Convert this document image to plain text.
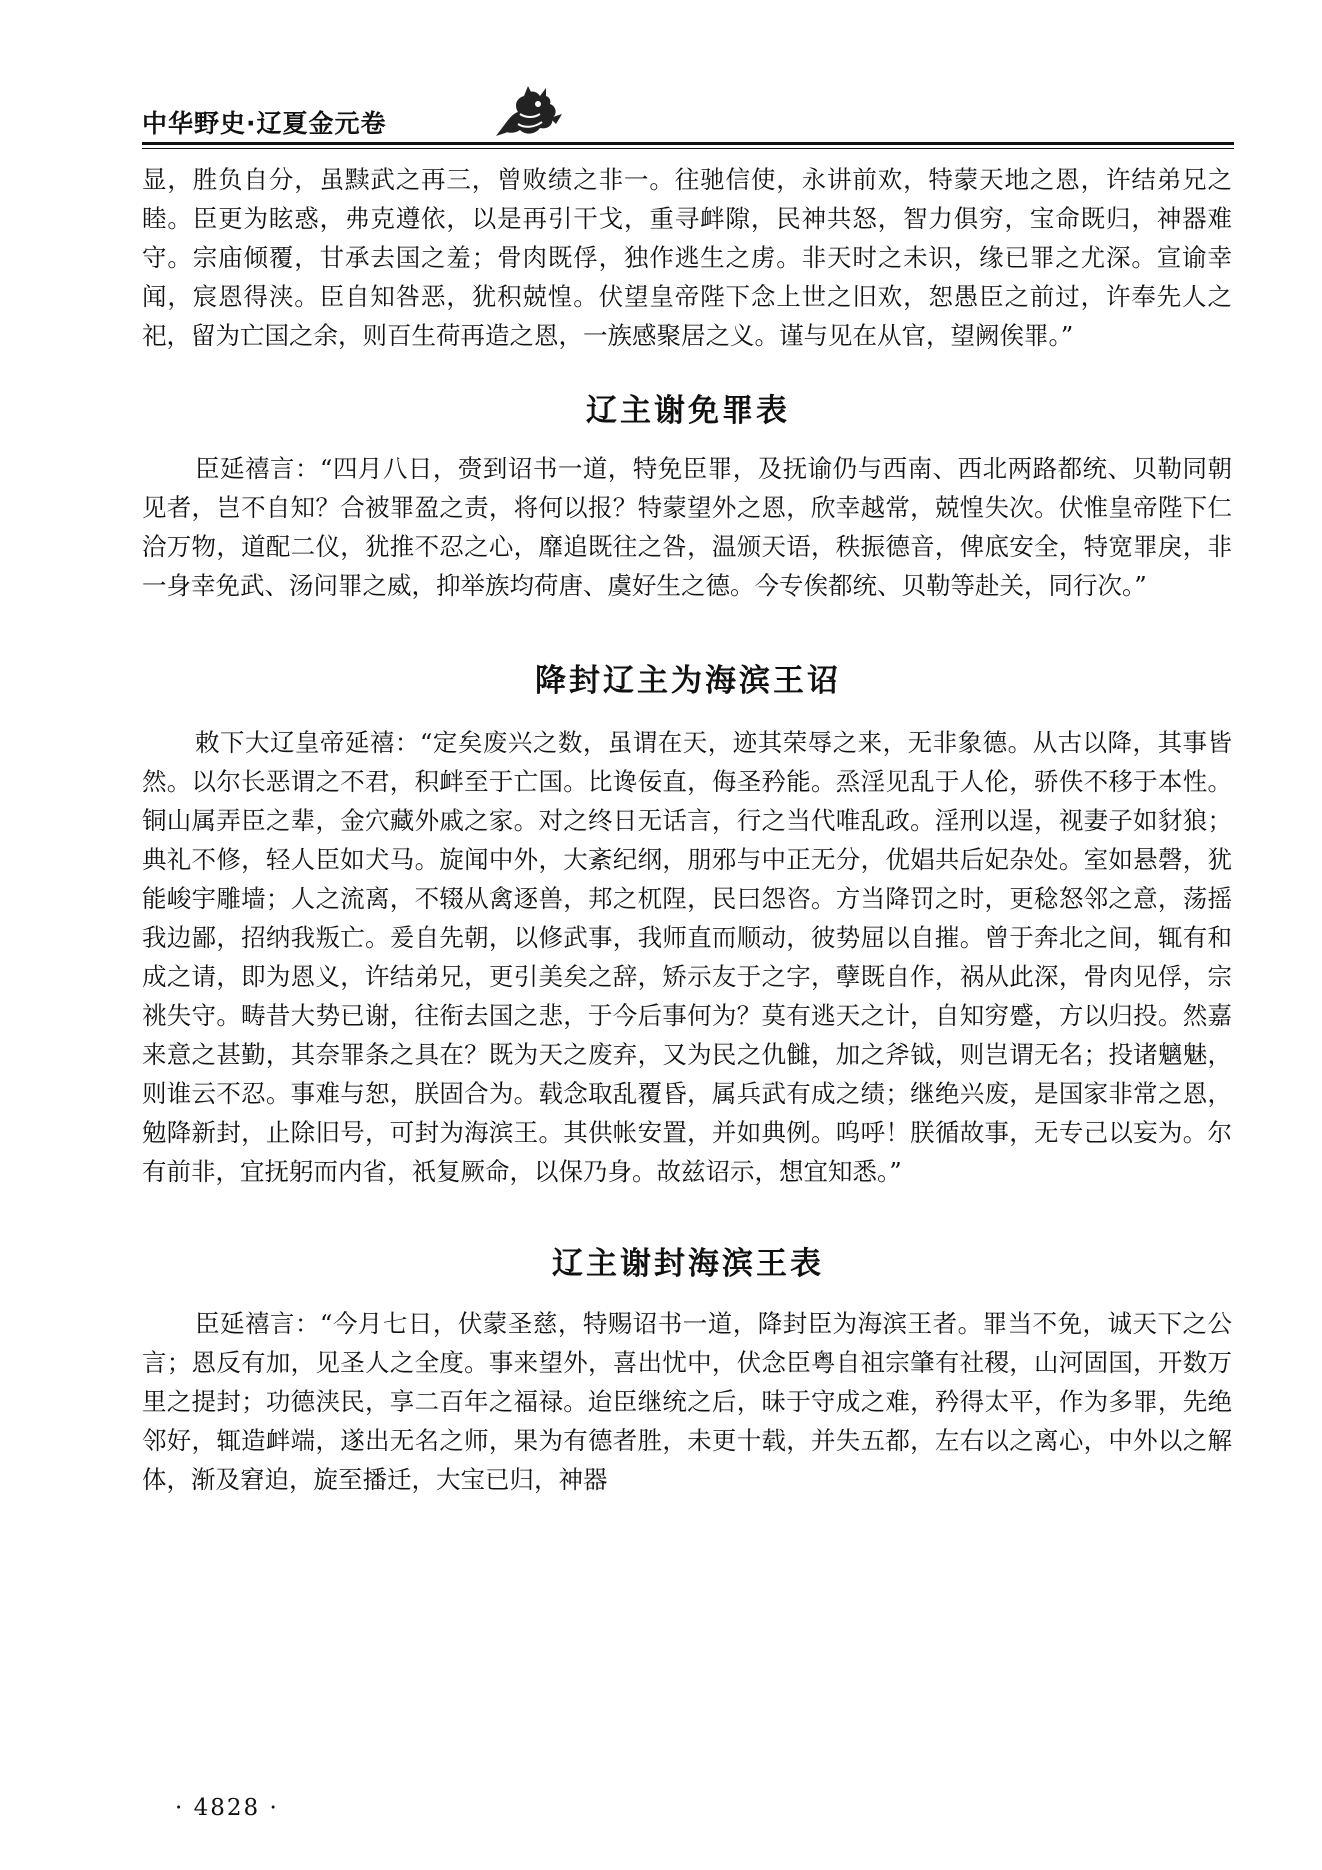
中华野史·辽夏金元卷

显，胜负自分，虽黩武之再三，曾败绩之非一。往驰信使，永讲前欢，特蒙天地之恩，许结弟兄之睦。臣更为眩惑，弗克遵依，以是再引干戈，重寻衅隙，民神共怒，智力俱穷，宝命既归，神器难守。宗庙倾覆，甘承去国之羞；骨肉既俘，独作逃生之虏。非天时之未识，缘已罪之尤深。宣谕幸闻，宸恩得浃。臣自知咎恶，犹积兢惶。伏望皇帝陛下念上世之旧欢，恕愚臣之前过，许奉先人之祀，留为亡国之余，则百生荷再造之恩，一族感聚居之义。谨与见在从官，望阙俟罪。”

辽主谢免罪表

臣延禧言：“四月八日，赍到诏书一道，特免臣罪，及抚谕仍与西南、西北两路都统、贝勒同朝见者，岂不自知？合被罪盈之责，将何以报？特蒙望外之恩，欣幸越常，兢惶失次。伏惟皇帝陛下仁洽万物，道配二仪，犹推不忍之心，靡追既往之咎，温颁天语，秩振德音，俾底安全，特宽罪戾，非一身幸免武、汤问罪之威，抑举族均荷唐、虞好生之德。今专俟都统、贝勒等赴关，同行次。”

降封辽主为海滨王诏

敕下大辽皇帝延禧：“定矣废兴之数，虽谓在天，迹其荣辱之来，无非象德。从古以降，其事皆然。以尔长恶谓之不君，积衅至于亡国。比谗佞直，侮圣矜能。烝淫见乱于人伦，骄佚不移于本性。铜山属弄臣之辈，金穴藏外戚之家。对之终日无话言，行之当代唯乱政。淫刑以逞，视妻子如豺狼；典礼不修，轻人臣如犬马。旋闻中外，大紊纪纲，朋邪与中正无分，优娼共后妃杂处。室如悬磬，犹能峻宇雕墙；人之流离，不辍从禽逐兽，邦之杌陧，民曰怨咨。方当降罚之时，更稔怒邻之意，荡摇我边鄙，招纳我叛亡。爰自先朝，以修武事，我师直而顺动，彼势屈以自摧。曾于奔北之间，辄有和成之请，即为恩义，许结弟兄，更引美矣之辞，矫示友于之字，孽既自作，祸从此深，骨肉见俘，宗祧失守。畴昔大势已谢，往衔去国之悲，于今后事何为？莫有逃天之计，自知穷蹙，方以归投。然嘉来意之甚勤，其奈罪条之具在？既为天之废弃，又为民之仇雠，加之斧钺，则岂谓无名；投诸魑魅，则谁云不忍。事难与恕，朕固合为。载念取乱覆昏，属兵武有成之绩；继绝兴废，是国家非常之恩，勉降新封，止除旧号，可封为海滨王。其供帐安置，并如典例。呜呼！朕循故事，无专己以妄为。尔有前非，宜抚躬而内省，祇复厥命，以保乃身。故兹诏示，想宜知悉。”

辽主谢封海滨王表

臣延禧言：“今月七日，伏蒙圣慈，特赐诏书一道，降封臣为海滨王者。罪当不免，诚天下之公言；恩反有加，见圣人之全度。事来望外，喜出忧中，伏念臣粤自祖宗肇有社稷，山河固国，开数万里之提封；功德浃民，享二百年之福禄。迨臣继统之后，昧于守成之难，矜得太平，作为多罪，先绝邻好，辄造衅端，遂出无名之师，果为有德者胜，未更十载，并失五都，左右以之离心，中外以之解体，渐及窘迫，旋至播迁，大宝已归，神器

· 4828 ·
